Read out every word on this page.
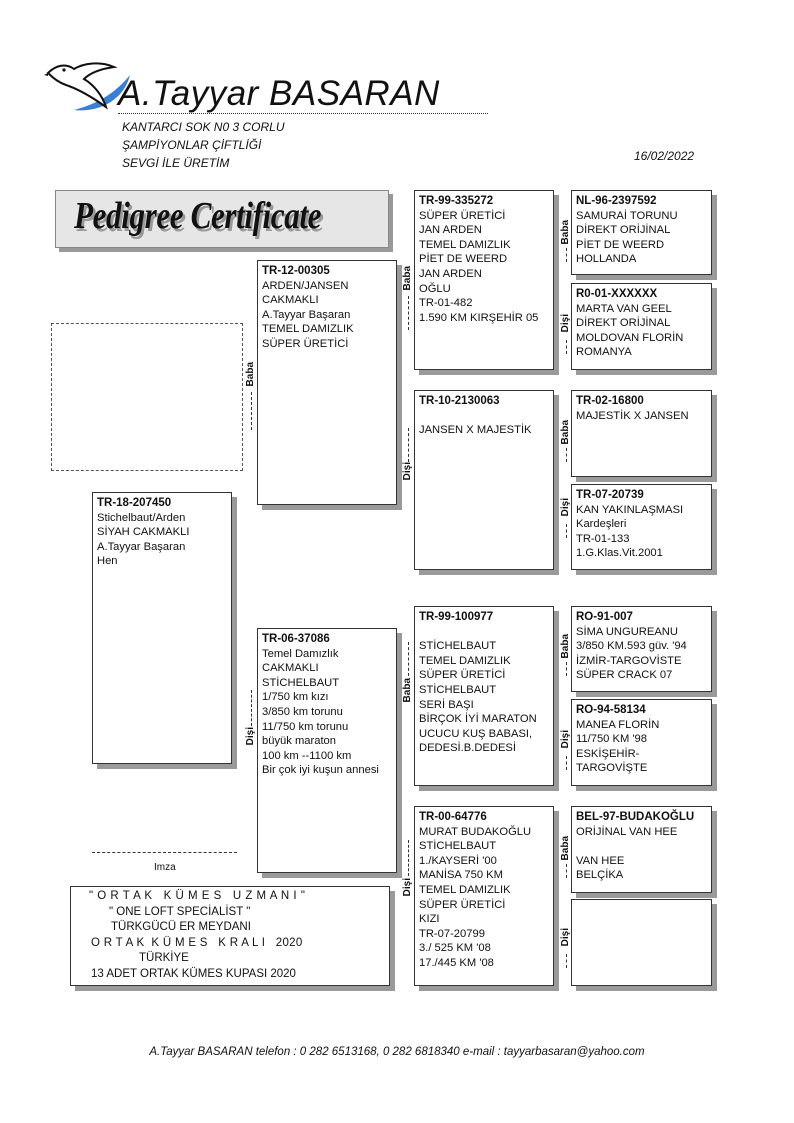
A.Tayyar BASARAN
KANTARCI SOK N0 3 CORLU
ŞAMPİYONLAR ÇİFTLİĞİ
SEVGİ İLE ÜRETİM	16/02/2022
Pedigree Certificate
TR-18-207450
Stichelbaut/Arden
SİYAH CAKMAKLI
A.Tayyar Başaran
Hen
Baba
Dişi
TR-12-00305
ARDEN/JANSEN
CAKMAKLI
A.Tayyar Başaran
TEMEL DAMIZLIK
SÜPER ÜRETİCİ
TR-06-37086
Temel Damızlık
CAKMAKLI
STİCHELBAUT
1/750 km kızı
3/850 km torunu
11/750 km torunu
büyük maraton
100 km --1100 km
Bir çok iyi kuşun annesi
Baba
Dişi
Baba
Dişi
TR-99-335272
SÜPER ÜRETİCİ
JAN ARDEN
TEMEL DAMIZLIK
PİET DE WEERD
JAN ARDEN
OĞLU
TR-01-482
1.590 KM KIRŞEHİR 05
TR-10-2130063
JANSEN X MAJESTİK
TR-99-100977
STİCHELBAUT
TEMEL DAMIZLIK
SÜPER ÜRETİCİ
STİCHELBAUT
SERİ BAŞI
BİRÇOK İYİ MARATON
UCUCU KUŞ BABASI,
DEDESİ.B.DEDESİ
TR-00-64776
MURAT BUDAKOĞLU
STİCHELBAUT
1./KAYSERİ '00
MANİSA 750 KM
TEMEL DAMIZLIK
SÜPER ÜRETİCİ
KIZI
TR-07-20799
3./ 525 KM '08
17./445 KM '08
Baba
Dişi
Baba
Dişi
Baba
Dişi
Baba
Dişi
NL-96-2397592
SAMURAİ TORUNU
DİREKT ORİJİNAL
PİET DE WEERD
HOLLANDA
R0-01-XXXXXX
MARTA VAN GEEL
DİREKT ORİJİNAL
MOLDOVAN FLORİN
ROMANYA
TR-02-16800
MAJESTİK X JANSEN
TR-07-20739
KAN YAKINLAŞMASI
Kardeşleri
TR-01-133
1.G.Klas.Vit.2001
RO-91-007
SİMA UNGUREANU
3/850 KM.593 güv. '94
İZMİR-TARGOVİSTE
SÜPER CRACK 07
RO-94-58134
MANEA FLORİN
11/750 KM '98
ESKİŞEHİR-
TARGOVİŞTE
BEL-97-BUDAKOĞLU
ORİJİNAL VAN HEE
VAN HEE
BELÇİKA
Imza
" O R T A K   K Ü M E S   U Z M A N I "
" ONE LOFT SPECİALİST "
TÜRKGÜCÜ ER MEYDANI
O R T A K  K Ü M E S   K R A L I   2020
TÜRKİYE
13 ADET ORTAK KÜMES KUPASI 2020
A.Tayyar BASARAN telefon : 0 282 6513168, 0 282 6818340 e-mail : tayyarbasaran@yahoo.com
